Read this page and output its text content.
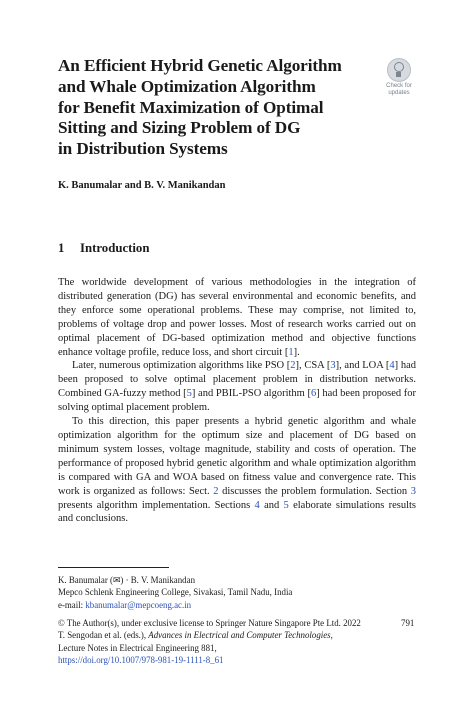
An Efficient Hybrid Genetic Algorithm
and Whale Optimization Algorithm
for Benefit Maximization of Optimal
Sitting and Sizing Problem of DG
in Distribution Systems
Check for
updates

K. Banumalar and B. V. Manikandan

1 Introduction

The worldwide development of various methodologies in the integration of distributed generation (DG) has several environmental and economic benefits, and they enforce some operational problems. These may comprise, not limited to, problems of voltage drop and power losses. Most of research works carried out on optimal placement of DG-based optimization method and objective functions enhance voltage profile, reduce loss, and short circuit [1].

Later, numerous optimization algorithms like PSO [2], CSA [3], and LOA [4] had been proposed to solve optimal placement problem in distribution networks. Combined GA-fuzzy method [5] and PBIL-PSO algorithm [6] had been proposed for solving optimal placement problem.

To this direction, this paper presents a hybrid genetic algorithm and whale optimization algorithm for the optimum size and placement of DG based on minimum system losses, voltage magnitude, stability and costs of operation. The performance of proposed hybrid genetic algorithm and whale optimization algorithm is compared with GA and WOA based on fitness value and convergence rate. This work is organized as follows: Sect. 2 discusses the problem formulation. Section 3 presents algorithm implementation. Sections 4 and 5 elaborate simulations results and conclusions.

K. Banumalar (✉) · B. V. Manikandan
Mepco Schlenk Engineering College, Sivakasi, Tamil Nadu, India
e-mail: kbanumalar@mepcoeng.ac.in
© The Author(s), under exclusive license to Springer Nature Singapore Pte Ltd. 2022
T. Sengodan et al. (eds.), Advances in Electrical and Computer Technologies,
Lecture Notes in Electrical Engineering 881,
https://doi.org/10.1007/978-981-19-1111-8_61
791
